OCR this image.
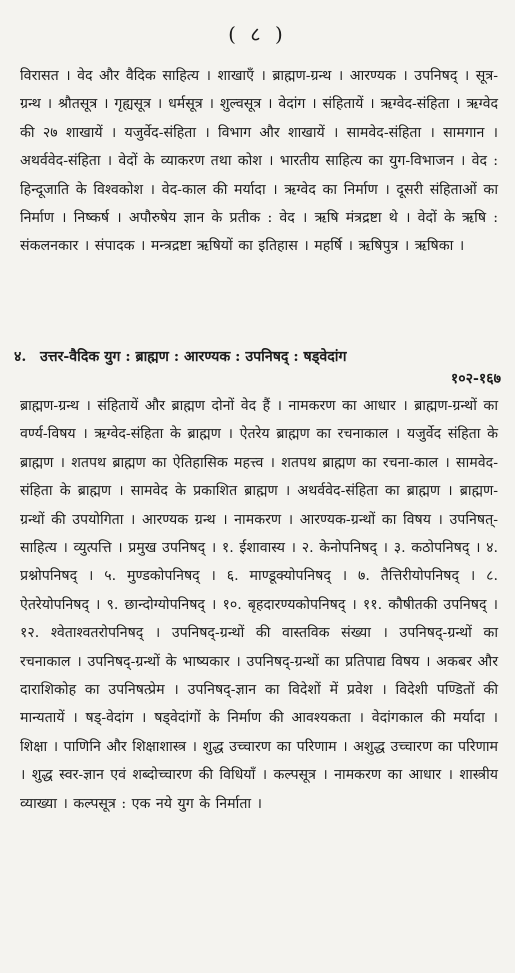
( ८ )
विरासत । वेद और वैदिक साहित्य । शाखाएँ । ब्राह्मण-ग्रन्थ । आरण्यक । उपनिषद् । सूत्र-ग्रन्थ । श्रौतसूत्र । गृह्यसूत्र । धर्मसूत्र । शुल्वसूत्र । वेदांग । संहितायें । ऋग्वेद-संहिता । ऋग्वेद की २७ शाखायें । यजुर्वेद-संहिता । विभाग और शाखायें । सामवेद-संहिता । सामगान । अथर्ववेद-संहिता । वेदों के व्याकरण तथा कोश । भारतीय साहित्य का युग-विभाजन । वेद : हिन्दूजाति के विश्वकोश । वेद-काल की मर्यादा । ऋग्वेद का निर्माण । दूसरी संहिताओं का निर्माण । निष्कर्ष । अपौरुषेय ज्ञान के प्रतीक : वेद । ऋषि मंत्रद्रष्टा थे । वेदों के ऋषि : संकलनकार । संपादक । मन्त्रद्रष्टा ऋषियों का इतिहास । महर्षि । ऋषिपुत्र । ऋषिका ।
४. उत्तर-वैदिक युग : ब्राह्मण : आरण्यक : उपनिषद् : षड्वेदांग
१०२-१६७
ब्राह्मण-ग्रन्थ । संहितायें और ब्राह्मण दोनों वेद हैं । नामकरण का आधार । ब्राह्मण-ग्रन्थों का वर्ण्य-विषय । ऋग्वेद-संहिता के ब्राह्मण । ऐतरेय ब्राह्मण का रचनाकाल । यजुर्वेद संहिता के ब्राह्मण । शतपथ ब्राह्मण का ऐतिहासिक महत्त्व । शतपथ ब्राह्मण का रचना-काल । सामवेद-संहिता के ब्राह्मण । सामवेद के प्रकाशित ब्राह्मण । अथर्ववेद-संहिता का ब्राह्मण । ब्राह्मण-ग्रन्थों की उपयोगिता । आरण्यक ग्रन्थ । नामकरण । आरण्यक-ग्रन्थों का विषय । उपनिषत्-साहित्य । व्युत्पत्ति । प्रमुख उपनिषद् । १. ईशावास्य । २. केनोपनिषद् । ३. कठोपनिषद् । ४. प्रश्नोपनिषद् । ५. मुण्डकोपनिषद् । ६. माण्डूक्योपनिषद् । ७. तैत्तिरीयोपनिषद् । ८. ऐतरेयोपनिषद् । ९. छान्दोग्योपनिषद् । १०. बृहदारण्यकोपनिषद् । ११. कौषीतकी उपनिषद् । १२. श्वेताश्वतरोपनिषद् । उपनिषद्-ग्रन्थों की वास्तविक संख्या । उपनिषद्-ग्रन्थों का रचनाकाल । उपनिषद्-ग्रन्थों के भाष्यकार । उपनिषद्-ग्रन्थों का प्रतिपाद्य विषय । अकबर और दाराशिकोह का उपनिषत्प्रेम । उपनिषद्-ज्ञान का विदेशों में प्रवेश । विदेशी पण्डितों की मान्यतायें । षड्-वेदांग । षड्वेदांगों के निर्माण की आवश्यकता । वेदांगकाल की मर्यादा । शिक्षा । पाणिनि और शिक्षाशास्त्र । शुद्ध उच्चारण का परिणाम । अशुद्ध उच्चारण का परिणाम । शुद्ध स्वर-ज्ञान एवं शब्दोच्चारण की विधियाँ । कल्पसूत्र । नामकरण का आधार । शास्त्रीय व्याख्या । कल्पसूत्र : एक नये युग के निर्माता ।
